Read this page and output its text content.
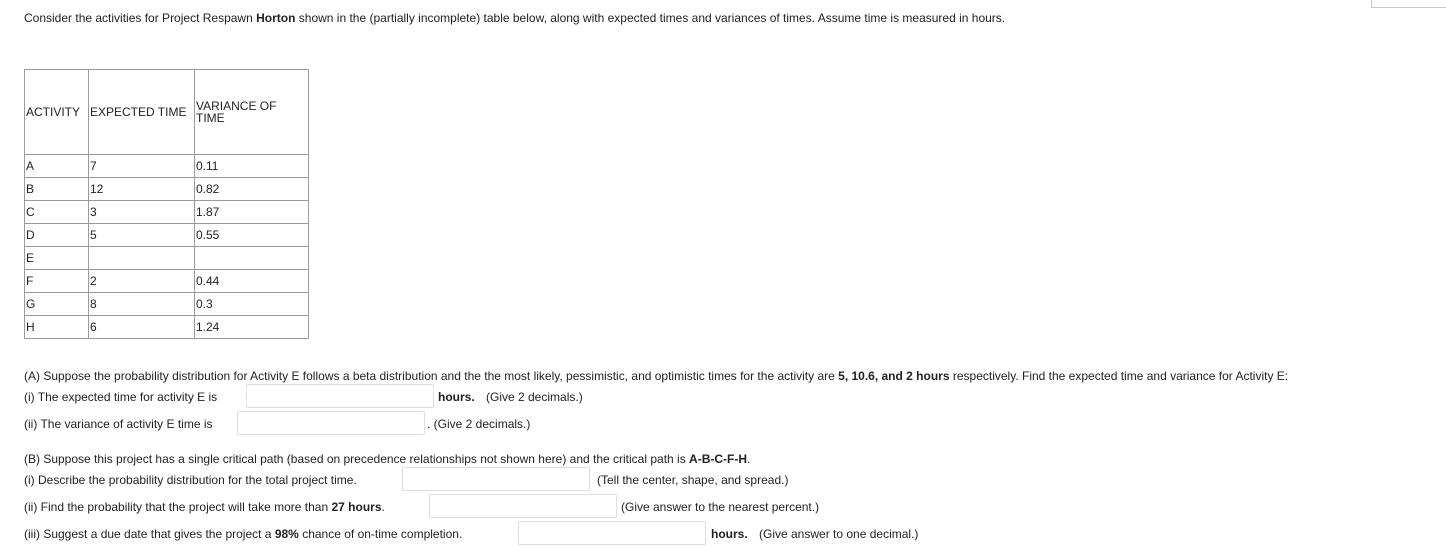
Consider the activities for Project Respawn Horton shown in the (partially incomplete) table below, along with expected times and variances of times. Assume time is measured in hours.
ACTIVITY	EXPECTED TIME	VARIANCE OF TIME
A	7	0.11
B	12	0.82
C	3	1.87
D	5	0.55
E		
F	2	0.44
G	8	0.3
H	6	1.24
(A) Suppose the probability distribution for Activity E follows a beta distribution and the the most likely, pessimistic, and optimistic times for the activity are 5, 10.6, and 2 hours respectively. Find the expected time and variance for Activity E:
(i) The expected time for activity E is	hours. (Give 2 decimals.)
(ii) The variance of activity E time is	. (Give 2 decimals.)
(B) Suppose this project has a single critical path (based on precedence relationships not shown here) and the critical path is A-B-C-F-H.
(i) Describe the probability distribution for the total project time.	(Tell the center, shape, and spread.)
(ii) Find the probability that the project will take more than 27 hours.	(Give answer to the nearest percent.)
(iii) Suggest a due date that gives the project a 98% chance of on-time completion.	hours. (Give answer to one decimal.)
